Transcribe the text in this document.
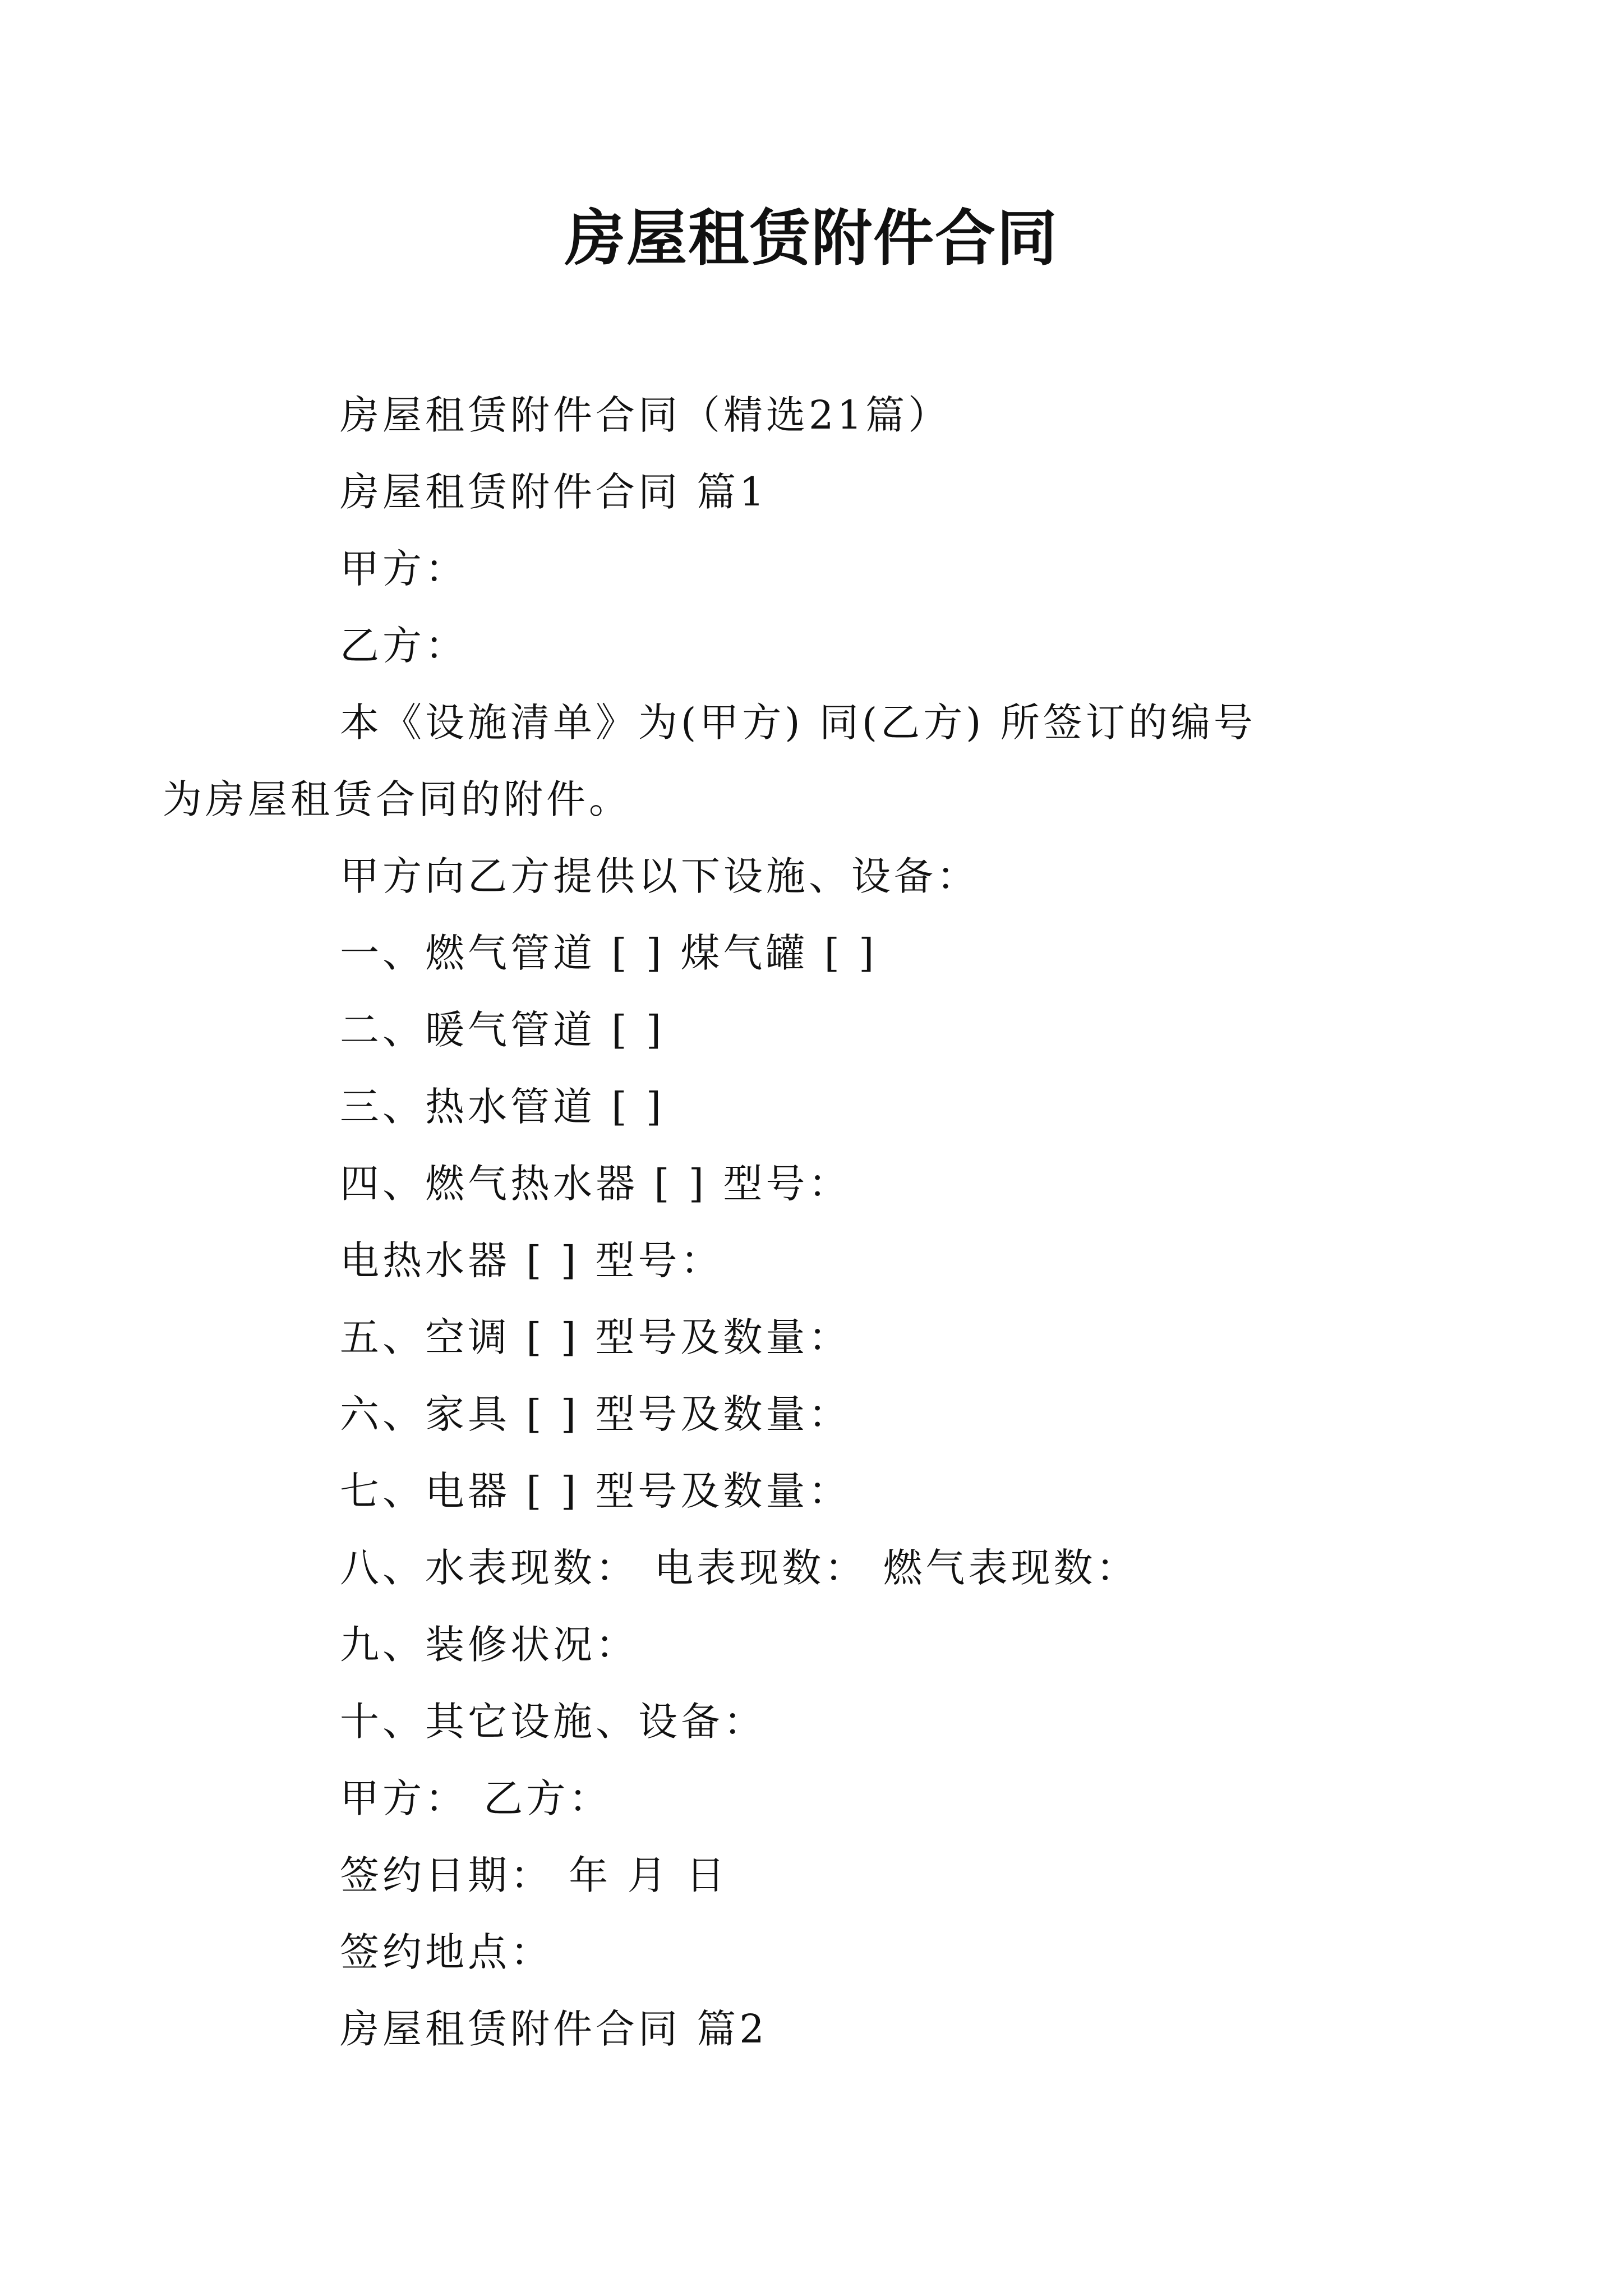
房屋租赁附件合同

房屋租赁附件合同（精选21篇）

房屋租赁附件合同 篇1

甲方：

乙方：

本《设施清单》为(甲方) 同(乙方) 所签订的编号为房屋租赁合同的附件。

甲方向乙方提供以下设施、设备：

一、燃气管道 [ ] 煤气罐 [ ]

二、暖气管道 [ ]

三、热水管道 [ ]

四、燃气热水器 [ ] 型号：

电热水器 [ ] 型号：

五、空调 [ ] 型号及数量：

六、家具 [ ] 型号及数量：

七、电器 [ ] 型号及数量：

八、水表现数： 电表现数： 燃气表现数：

九、装修状况：

十、其它设施、设备：

甲方： 乙方：

签约日期： 年 月 日

签约地点：

房屋租赁附件合同 篇2
